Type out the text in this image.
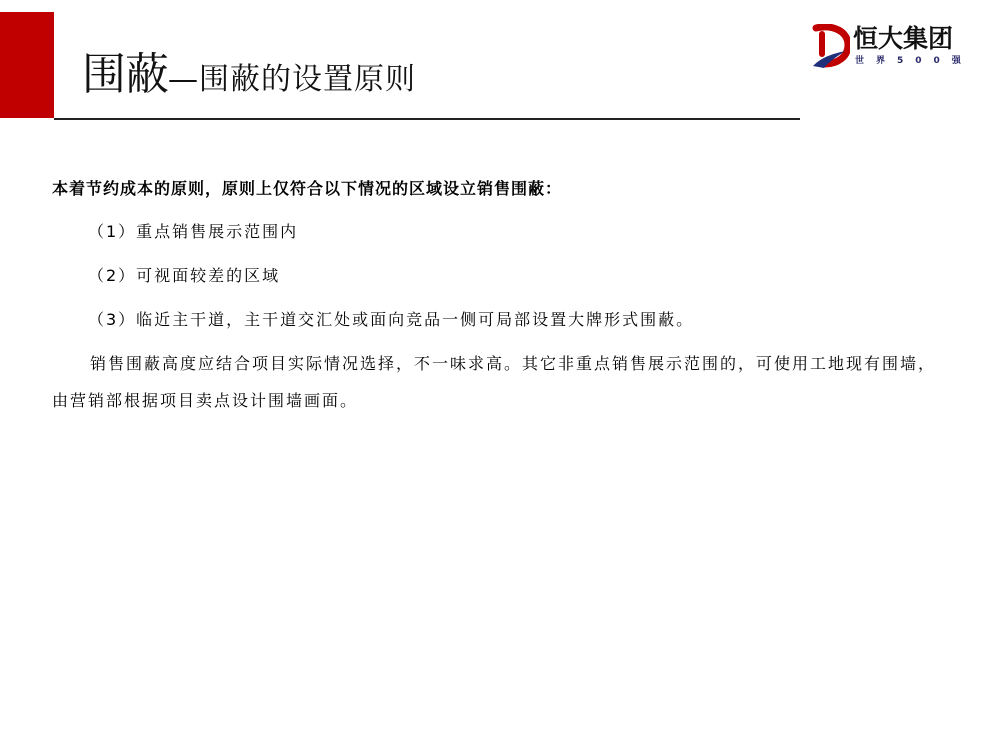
围蔽—围蔽的设置原则
恒大集团
世界500强
本着节约成本的原则，原则上仅符合以下情况的区域设立销售围蔽：
（1）重点销售展示范围内
（2）可视面较差的区域
（3）临近主干道，主干道交汇处或面向竞品一侧可局部设置大牌形式围蔽。
销售围蔽高度应结合项目实际情况选择，不一味求高。其它非重点销售展示范围的，可使用工地现有围墙，由营销部根据项目卖点设计围墙画面。
